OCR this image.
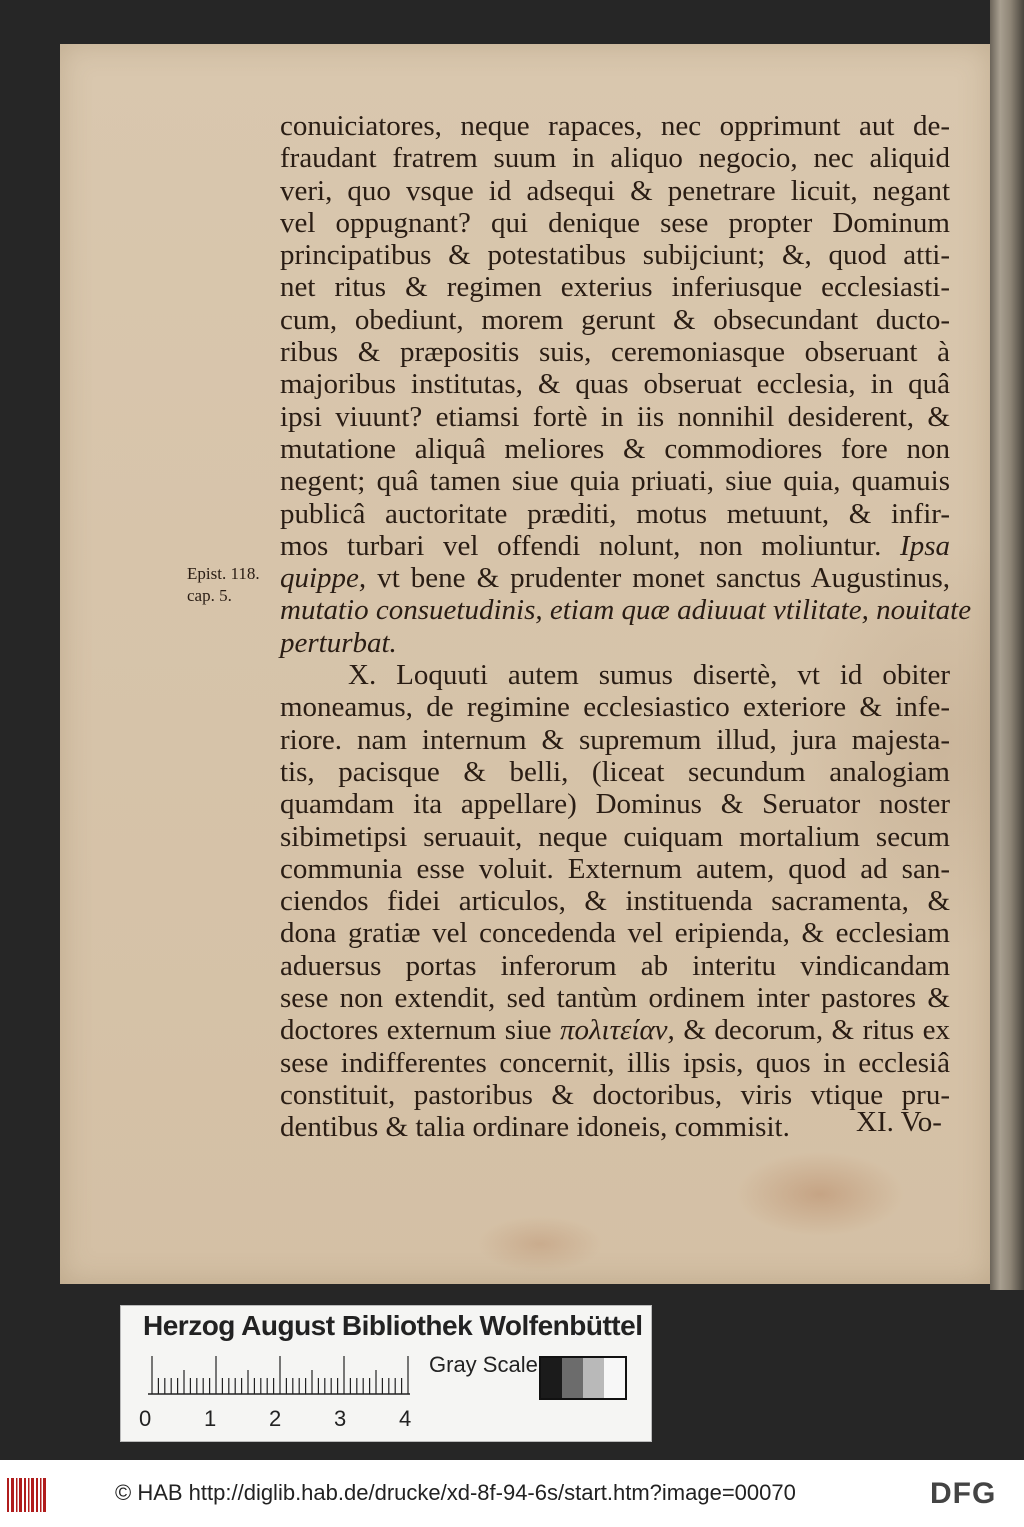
conuiciatores, neque rapaces, nec opprimunt aut de-
fraudant fratrem suum in aliquo negocio, nec aliquid
veri, quo vsque id adsequi & penetrare licuit, negant
vel oppugnant? qui denique sese propter Dominum
principatibus & potestatibus subijciunt; &, quod atti-
net ritus & regimen exterius inferiusque ecclesiasti-
cum, obediunt, morem gerunt & obsecundant ducto-
ribus & præpositis suis, ceremoniasque obseruant à
majoribus institutas, & quas obseruat ecclesia, in quâ
ipsi viuunt? etiamsi fortè in iis nonnihil desiderent, &
mutatione aliquâ meliores & commodiores fore non
negent; quâ tamen siue quia priuati, siue quia, quamuis
publicâ auctoritate præditi, motus metuunt, & infir-
mos turbari vel offendi nolunt, non moliuntur. Ipsa
quippe, vt bene & prudenter monet sanctus Augustinus,
mutatio consuetudinis, etiam quæ adiuuat vtilitate, nouitate
perturbat.
X. Loquuti autem sumus disertè, vt id obiter
moneamus, de regimine ecclesiastico exteriore & infe-
riore. nam internum & supremum illud, jura majesta-
tis, pacisque & belli, (liceat secundum analogiam
quamdam ita appellare) Dominus & Seruator noster
sibimetipsi seruauit, neque cuiquam mortalium secum
communia esse voluit. Externum autem, quod ad san-
ciendos fidei articulos, & instituenda sacramenta, &
dona gratiæ vel concedenda vel eripienda, & ecclesiam
aduersus portas inferorum ab interitu vindicandam
sese non extendit, sed tantùm ordinem inter pastores &
doctores externum siue πολιτείαν, & decorum, & ritus ex
sese indifferentes concernit, illis ipsis, quos in ecclesiâ
constituit, pastoribus & doctoribus, viris vtique pru-
dentibus & talia ordinare idoneis, commisit.
Epist. 118.
cap. 5.
XI. Vo-
Herzog August Bibliothek Wolfenbüttel
0 1 2 3 4
Gray Scale
© HAB http://diglib.hab.de/drucke/xd-8f-94-6s/start.htm?image=00070	DFG
